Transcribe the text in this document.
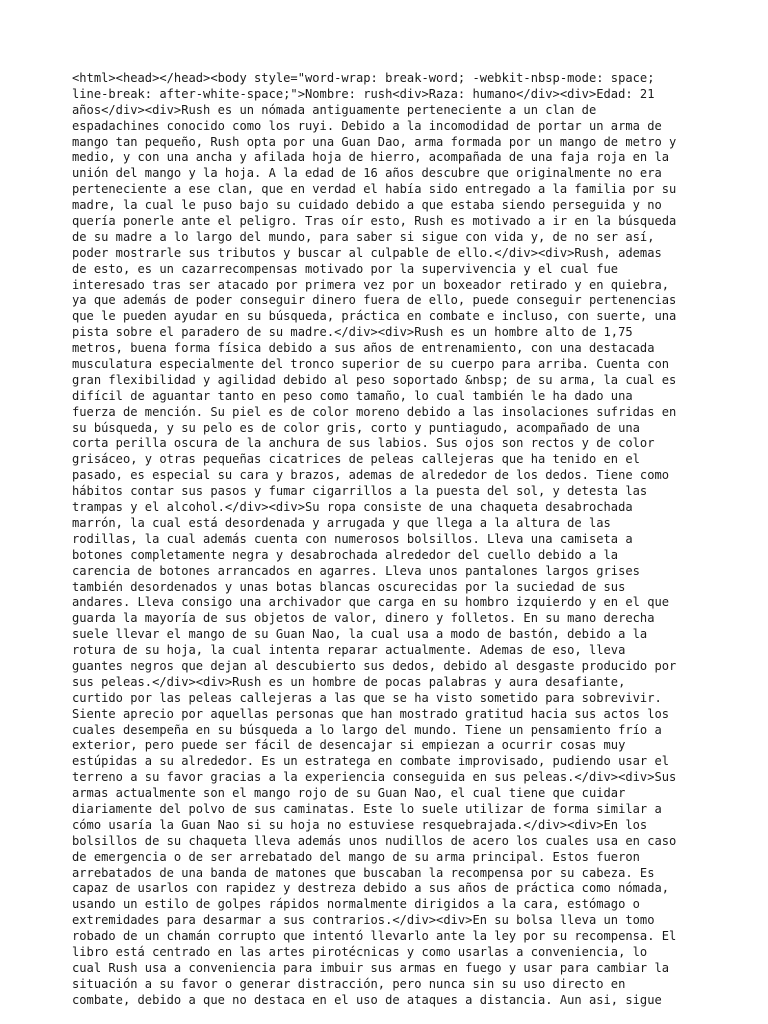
<html><head></head><body style="word-wrap: break-word; -webkit-nbsp-mode: space;
line-break: after-white-space;">Nombre: rush<div>Raza: humano</div><div>Edad: 21
años</div><div>Rush es un nómada antiguamente perteneciente a un clan de
espadachines conocido como los ruyi. Debido a la incomodidad de portar un arma de
mango tan pequeño, Rush opta por una Guan Dao, arma formada por un mango de metro y
medio, y con una ancha y afilada hoja de hierro, acompañada de una faja roja en la
unión del mango y la hoja. A la edad de 16 años descubre que originalmente no era
perteneciente a ese clan, que en verdad el había sido entregado a la familia por su
madre, la cual le puso bajo su cuidado debido a que estaba siendo perseguida y no
quería ponerle ante el peligro. Tras oír esto, Rush es motivado a ir en la búsqueda
de su madre a lo largo del mundo, para saber si sigue con vida y, de no ser así,
poder mostrarle sus tributos y buscar al culpable de ello.</div><div>Rush, ademas
de esto, es un cazarrecompensas motivado por la supervivencia y el cual fue
interesado tras ser atacado por primera vez por un boxeador retirado y en quiebra,
ya que además de poder conseguir dinero fuera de ello, puede conseguir pertenencias
que le pueden ayudar en su búsqueda, práctica en combate e incluso, con suerte, una
pista sobre el paradero de su madre.</div><div>Rush es un hombre alto de 1,75
metros, buena forma física debido a sus años de entrenamiento, con una destacada
musculatura especialmente del tronco superior de su cuerpo para arriba. Cuenta con
gran flexibilidad y agilidad debido al peso soportado &nbsp; de su arma, la cual es
difícil de aguantar tanto en peso como tamaño, lo cual también le ha dado una
fuerza de mención. Su piel es de color moreno debido a las insolaciones sufridas en
su búsqueda, y su pelo es de color gris, corto y puntiagudo, acompañado de una
corta perilla oscura de la anchura de sus labios. Sus ojos son rectos y de color
grisáceo, y otras pequeñas cicatrices de peleas callejeras que ha tenido en el
pasado, es especial su cara y brazos, ademas de alrededor de los dedos. Tiene como
hábitos contar sus pasos y fumar cigarrillos a la puesta del sol, y detesta las
trampas y el alcohol.</div><div>Su ropa consiste de una chaqueta desabrochada
marrón, la cual está desordenada y arrugada y que llega a la altura de las
rodillas, la cual además cuenta con numerosos bolsillos. Lleva una camiseta a
botones completamente negra y desabrochada alrededor del cuello debido a la
carencia de botones arrancados en agarres. Lleva unos pantalones largos grises
también desordenados y unas botas blancas oscurecidas por la suciedad de sus
andares. Lleva consigo una archivador que carga en su hombro izquierdo y en el que
guarda la mayoría de sus objetos de valor, dinero y folletos. En su mano derecha
suele llevar el mango de su Guan Nao, la cual usa a modo de bastón, debido a la
rotura de su hoja, la cual intenta reparar actualmente. Ademas de eso, lleva
guantes negros que dejan al descubierto sus dedos, debido al desgaste producido por
sus peleas.</div><div>Rush es un hombre de pocas palabras y aura desafiante,
curtido por las peleas callejeras a las que se ha visto sometido para sobrevivir.
Siente aprecio por aquellas personas que han mostrado gratitud hacia sus actos los
cuales desempeña en su búsqueda a lo largo del mundo. Tiene un pensamiento frío a
exterior, pero puede ser fácil de desencajar si empiezan a ocurrir cosas muy
estúpidas a su alrededor. Es un estratega en combate improvisado, pudiendo usar el
terreno a su favor gracias a la experiencia conseguida en sus peleas.</div><div>Sus
armas actualmente son el mango rojo de su Guan Nao, el cual tiene que cuidar
diariamente del polvo de sus caminatas. Este lo suele utilizar de forma similar a
cómo usaría la Guan Nao si su hoja no estuviese resquebrajada.</div><div>En los
bolsillos de su chaqueta lleva además unos nudillos de acero los cuales usa en caso
de emergencia o de ser arrebatado del mango de su arma principal. Estos fueron
arrebatados de una banda de matones que buscaban la recompensa por su cabeza. Es
capaz de usarlos con rapidez y destreza debido a sus años de práctica como nómada,
usando un estilo de golpes rápidos normalmente dirigidos a la cara, estómago o
extremidades para desarmar a sus contrarios.</div><div>En su bolsa lleva un tomo
robado de un chamán corrupto que intentó llevarlo ante la ley por su recompensa. El
libro está centrado en las artes pirotécnicas y como usarlas a conveniencia, lo
cual Rush usa a conveniencia para imbuir sus armas en fuego y usar para cambiar la
situación a su favor o generar distracción, pero nunca sin su uso directo en
combate, debido a que no destaca en el uso de ataques a distancia. Aun asi, sigue
